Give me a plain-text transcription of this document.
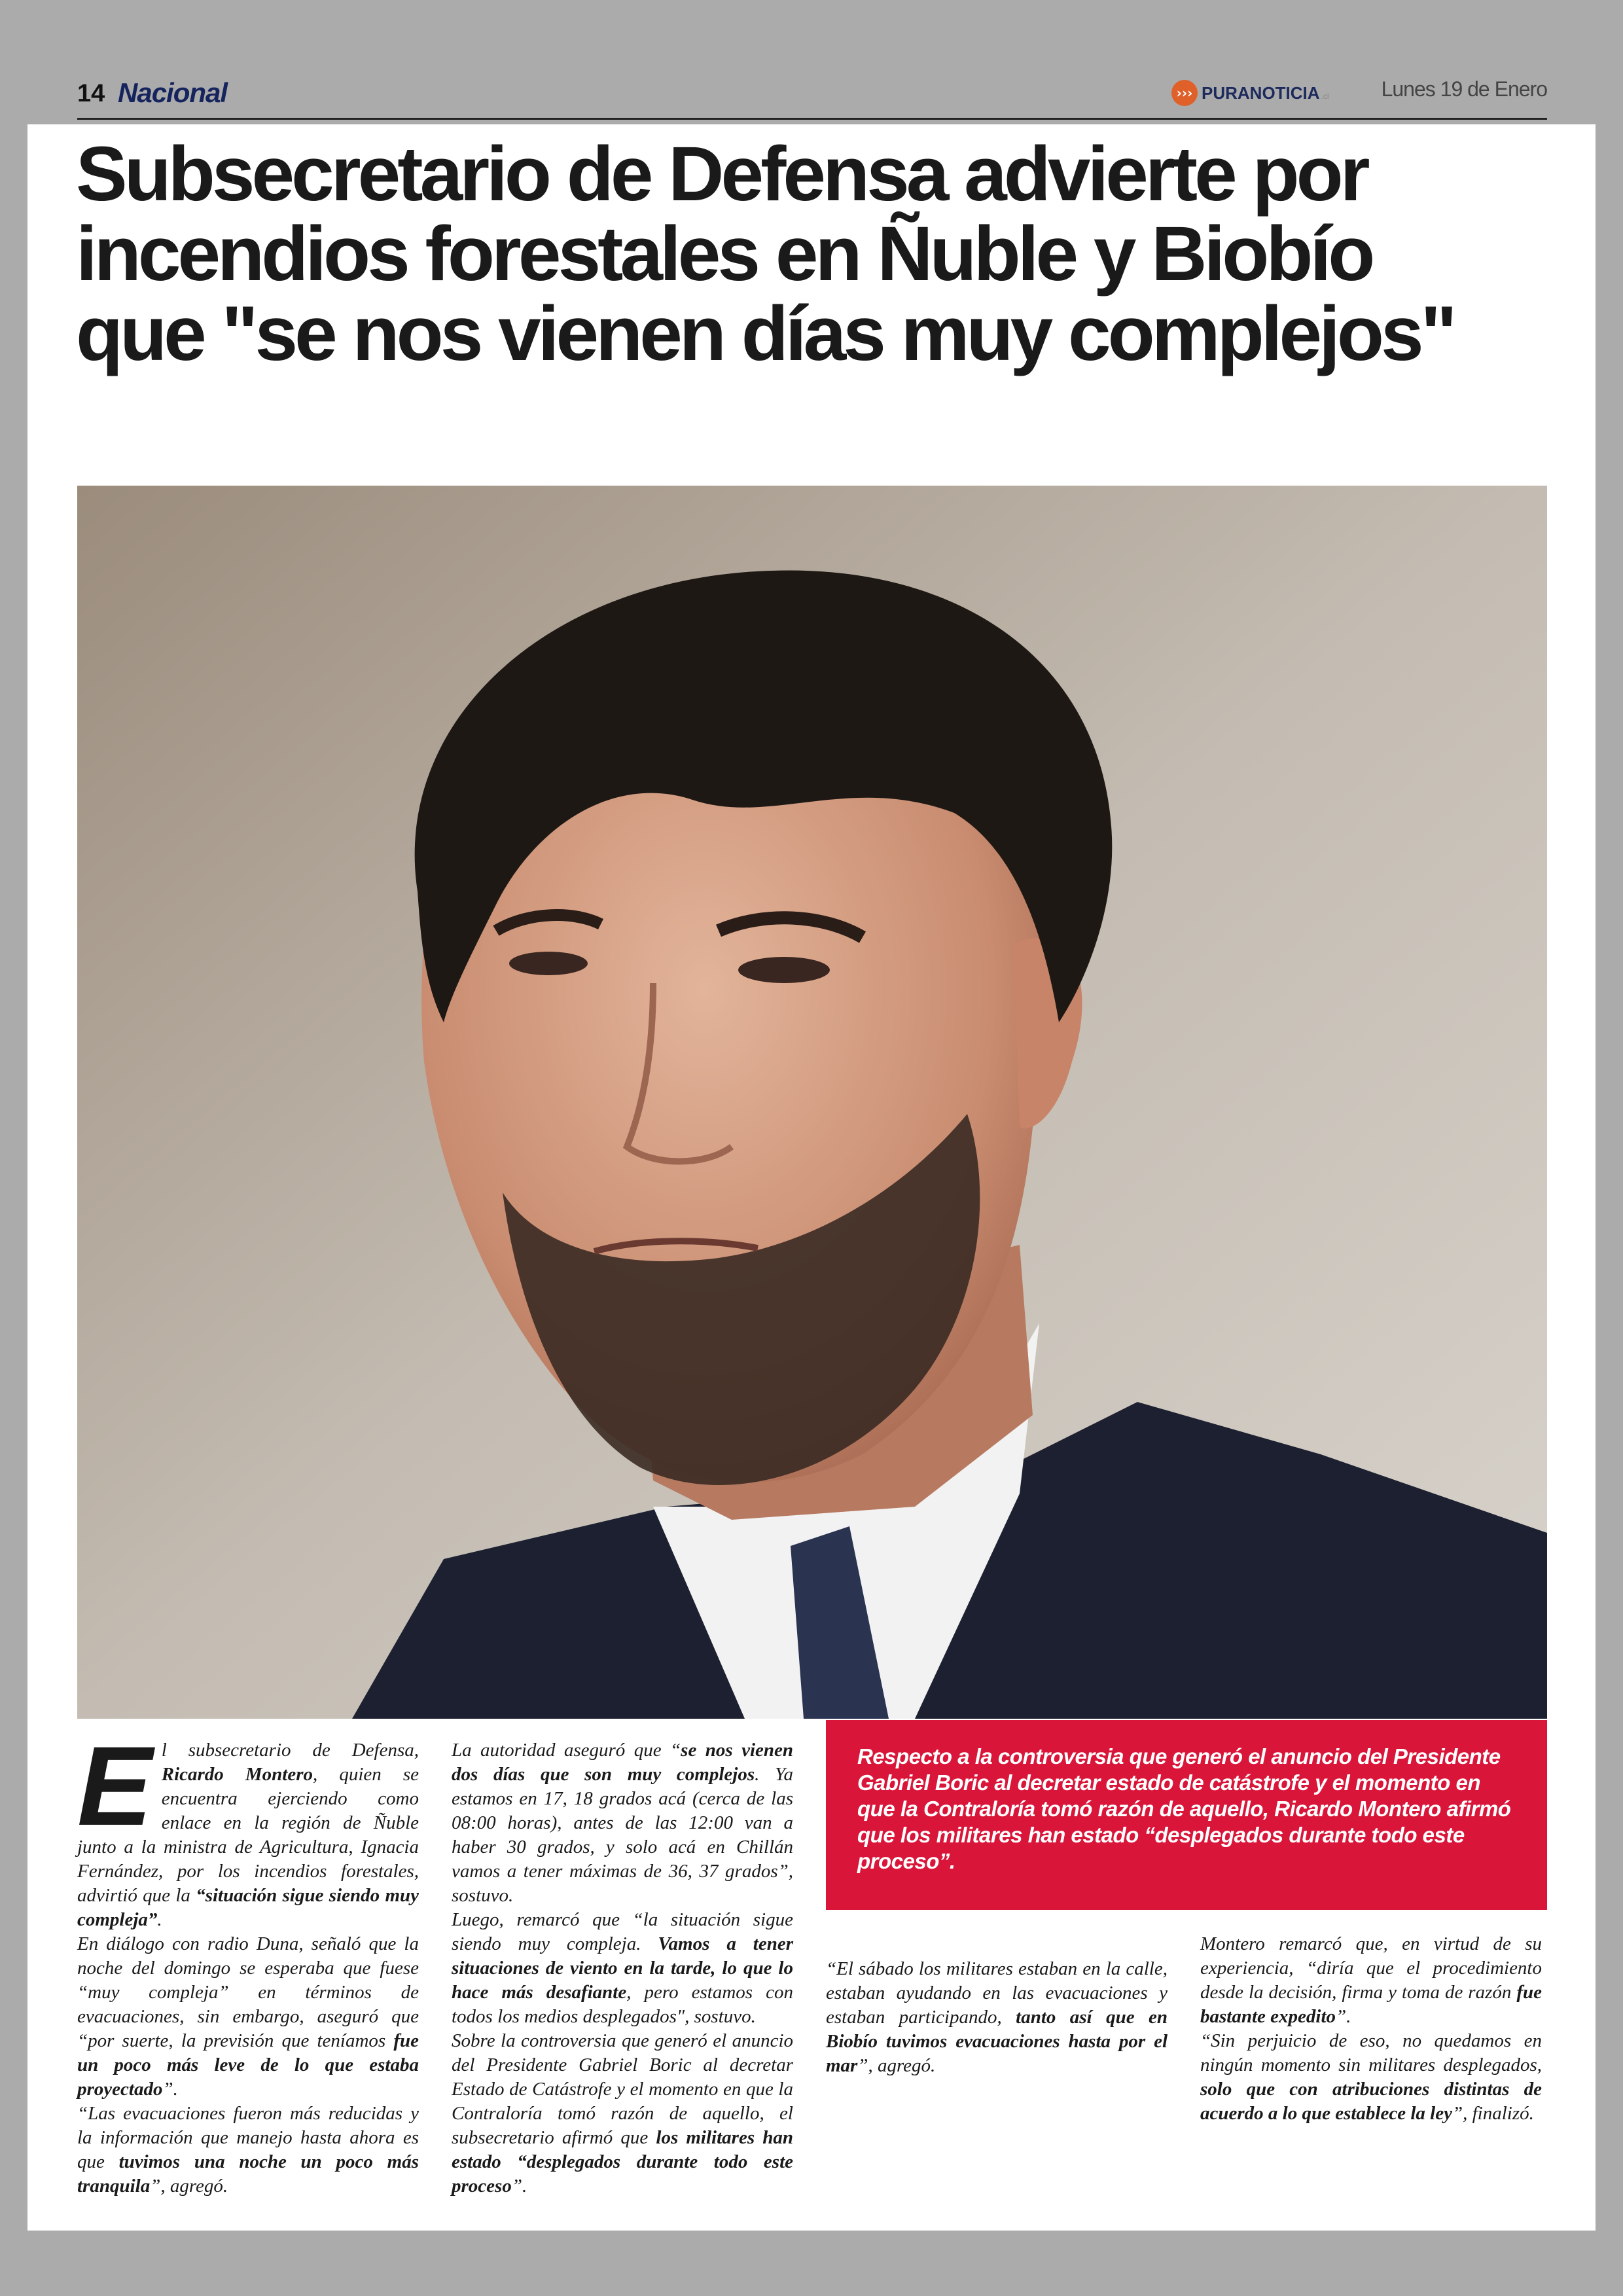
14 Nacional	››› PURANOTICIA .cl	Lunes 19 de Enero
Subsecretario de Defensa advierte por incendios forestales en Ñuble y Biobío que "se nos vienen días muy complejos"
E l subsecretario de Defensa, Ricardo Montero, quien se encuentra ejerciendo como enlace en la región de Ñuble junto a la ministra de Agricultura, Ignacia Fernández, por los incendios forestales, advirtió que la “situación sigue siendo muy compleja”.

En diálogo con radio Duna, señaló que la noche del domingo se esperaba que fuese “muy compleja” en términos de evacuaciones, sin embargo, aseguró que “por suerte, la previsión que teníamos fue un poco más leve de lo que estaba proyectado”.

“Las evacuaciones fueron más reducidas y la información que manejo hasta ahora es que tuvimos una noche un poco más tranquila”, agregó.

La autoridad aseguró que “se nos vienen dos días que son muy complejos. Ya estamos en 17, 18 grados acá (cerca de las 08:00 horas), antes de las 12:00 van a haber 30 grados, y solo acá en Chillán vamos a tener máximas de 36, 37 grados”, sostuvo.

Luego, remarcó que “la situación sigue siendo muy compleja. Vamos a tener situaciones de viento en la tarde, lo que lo hace más desafiante, pero estamos con todos los medios desplegados", sostuvo.

Sobre la controversia que generó el anuncio del Presidente Gabriel Boric al decretar Estado de Catástrofe y el momento en que la Contraloría tomó razón de aquello, el subsecretario afirmó que los militares han estado “desplegados durante todo este proceso”.

Respecto a la controversia que generó el anuncio del Presidente Gabriel Boric al decretar estado de catástrofe y el momento en que la Contraloría tomó razón de aquello, Ricardo Montero afirmó que los militares han estado “desplegados durante todo este proceso”.

“El sábado los militares estaban en la calle, estaban ayudando en las evacuaciones y estaban participando, tanto así que en Biobío tuvimos evacuaciones hasta por el mar”, agregó.

Montero remarcó que, en virtud de su experiencia, “diría que el procedimiento desde la decisión, firma y toma de razón fue bastante expedito”.

“Sin perjuicio de eso, no quedamos en ningún momento sin militares desplegados, solo que con atribuciones distintas de acuerdo a lo que establece la ley”, finalizó.
